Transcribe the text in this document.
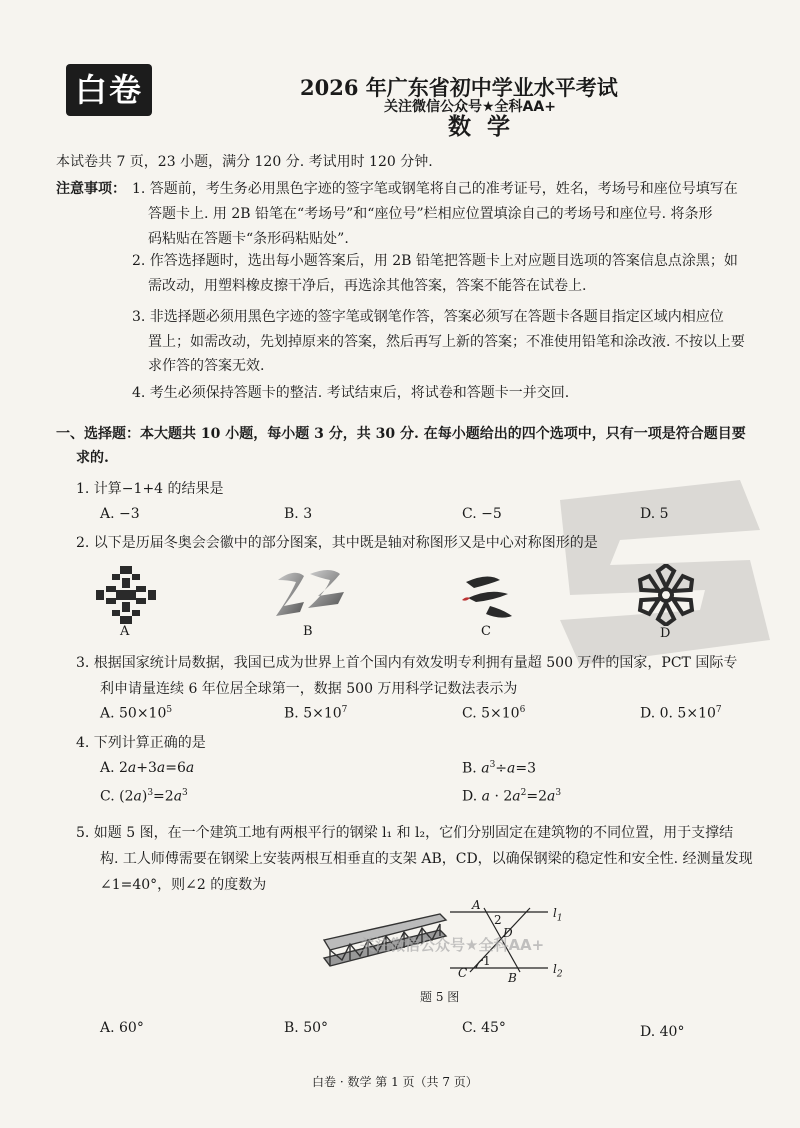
白卷	2026 年广东省初中学业水平考试
关注微信公众号★全科AA+
数学
本试卷共 7 页，23 小题，满分 120 分. 考试用时 120 分钟.
注意事项： 1. 答题前，考生务必用黑色字迹的签字笔或钢笔将自己的准考证号，姓名，考场号和座位号填写在
答题卡上. 用 2B 铅笔在“考场号”和“座位号”栏相应位置填涂自己的考场号和座位号. 将条形
码粘贴在答题卡“条形码粘贴处”.
2. 作答选择题时，选出每小题答案后，用 2B 铅笔把答题卡上对应题目选项的答案信息点涂黑；如
需改动，用塑料橡皮擦干净后，再选涂其他答案，答案不能答在试卷上.
3. 非选择题必须用黑色字迹的签字笔或钢笔作答，答案必须写在答题卡各题目指定区域内相应位
置上；如需改动，先划掉原来的答案，然后再写上新的答案；不准使用铅笔和涂改液. 不按以上要
求作答的答案无效.
4. 考生必须保持答题卡的整洁. 考试结束后，将试卷和答题卡一并交回.
一、选择题：本大题共 10 小题，每小题 3 分，共 30 分. 在每小题给出的四个选项中，只有一项是符合题目要
求的.
1. 计算−1+4 的结果是
A. −3	B. 3	C. −5	D. 5
2. 以下是历届冬奥会会徽中的部分图案，其中既是轴对称图形又是中心对称图形的是
A	B	C	D
3. 根据国家统计局数据，我国已成为世界上首个国内有效发明专利拥有量超 500 万件的国家，PCT 国际专
利申请量连续 6 年位居全球第一，数据 500 万用科学记数法表示为
A. $50\times 10^5$	B. $5\times 10^7$	C. $5\times 10^6$	D. 0. $5\times 10^7$
4. 下列计算正确的是
A. 2a+3a=6a	B. $a^3\div a=3$
C. $(2a)^3=2a^3$	D. $a \cdot 2a^2=2a^3$
5. 如题 5 图，在一个建筑工地有两根平行的钢梁 l₁ 和 l₂，它们分别固定在建筑物的不同位置，用于支撑结
构. 工人师傅需要在钢梁上安装两根互相垂直的支架 AB，CD，以确保钢梁的稳定性和安全性. 经测量发现
∠1=40°，则∠2 的度数为
A
2
D
1
C	B
$l_1$
$l_2$
关注微信公众号★全科AA+
题 5 图
A. 60°	B. 50°	C. 45°	D. 40°
白卷 · 数学 第 1 页（共 7 页）
